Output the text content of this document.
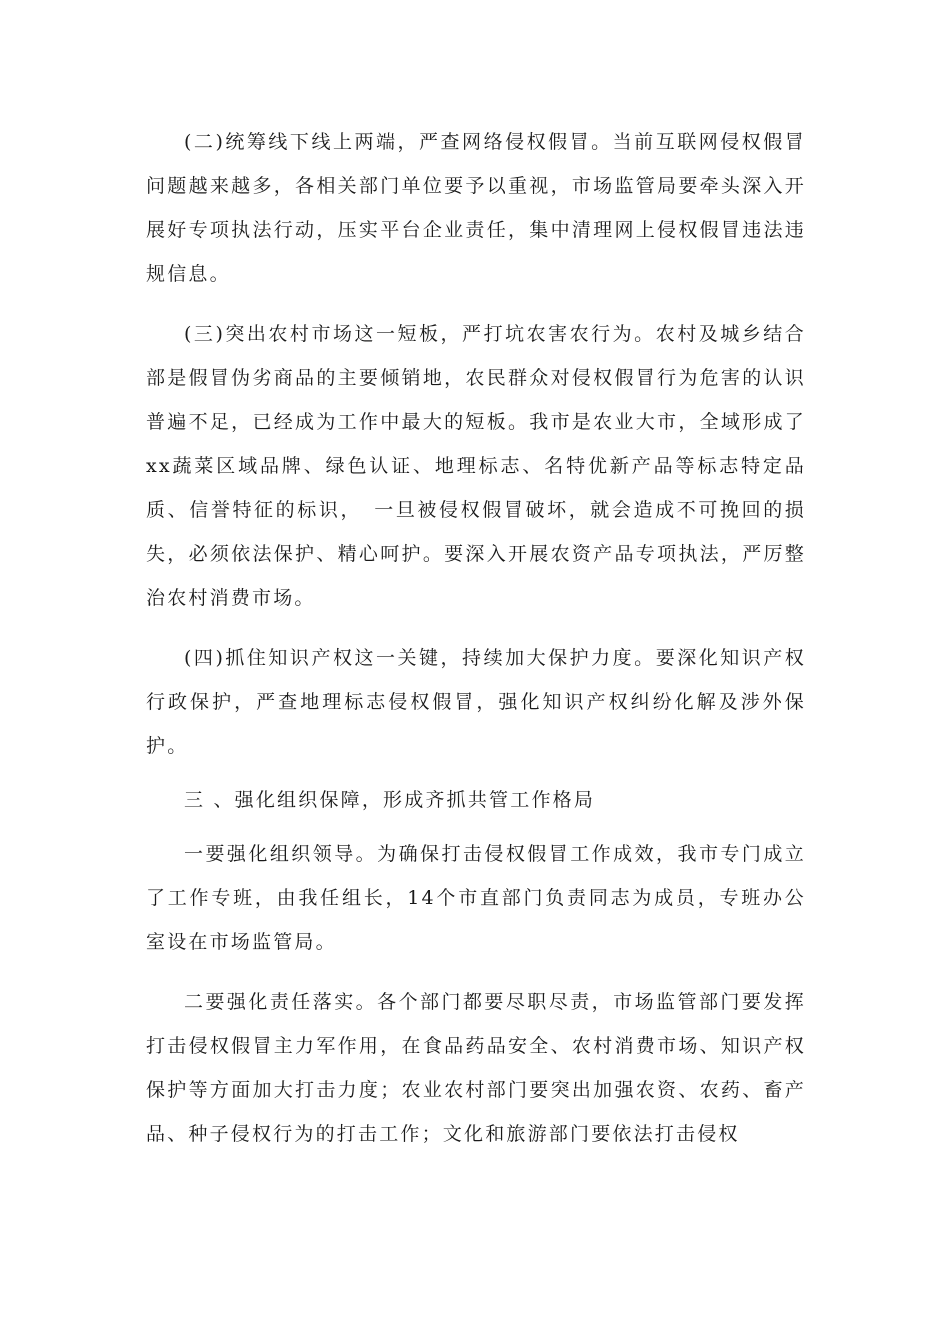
(二)统筹线下线上两端，严查网络侵权假冒。当前互联网侵权假冒问题越来越多，各相关部门单位要予以重视，市场监管局要牵头深入开展好专项执法行动，压实平台企业责任，集中清理网上侵权假冒违法违规信息。

(三)突出农村市场这一短板，严打坑农害农行为。农村及城乡结合部是假冒伪劣商品的主要倾销地，农民群众对侵权假冒行为危害的认识普遍不足，已经成为工作中最大的短板。我市是农业大市，全域形成了xx蔬菜区域品牌、绿色认证、地理标志、名特优新产品等标志特定品质、信誉特征的标识，　一旦被侵权假冒破坏，就会造成不可挽回的损失，必须依法保护、精心呵护。要深入开展农资产品专项执法，严厉整治农村消费市场。

(四)抓住知识产权这一关键，持续加大保护力度。要深化知识产权行政保护，严查地理标志侵权假冒，强化知识产权纠纷化解及涉外保护。

三 、强化组织保障，形成齐抓共管工作格局

一要强化组织领导。为确保打击侵权假冒工作成效，我市专门成立了工作专班，由我任组长，14个市直部门负责同志为成员，专班办公室设在市场监管局。

二要强化责任落实。各个部门都要尽职尽责，市场监管部门要发挥打击侵权假冒主力军作用，在食品药品安全、农村消费市场、知识产权保护等方面加大打击力度；农业农村部门要突出加强农资、农药、畜产品、种子侵权行为的打击工作；文化和旅游部门要依法打击侵权
